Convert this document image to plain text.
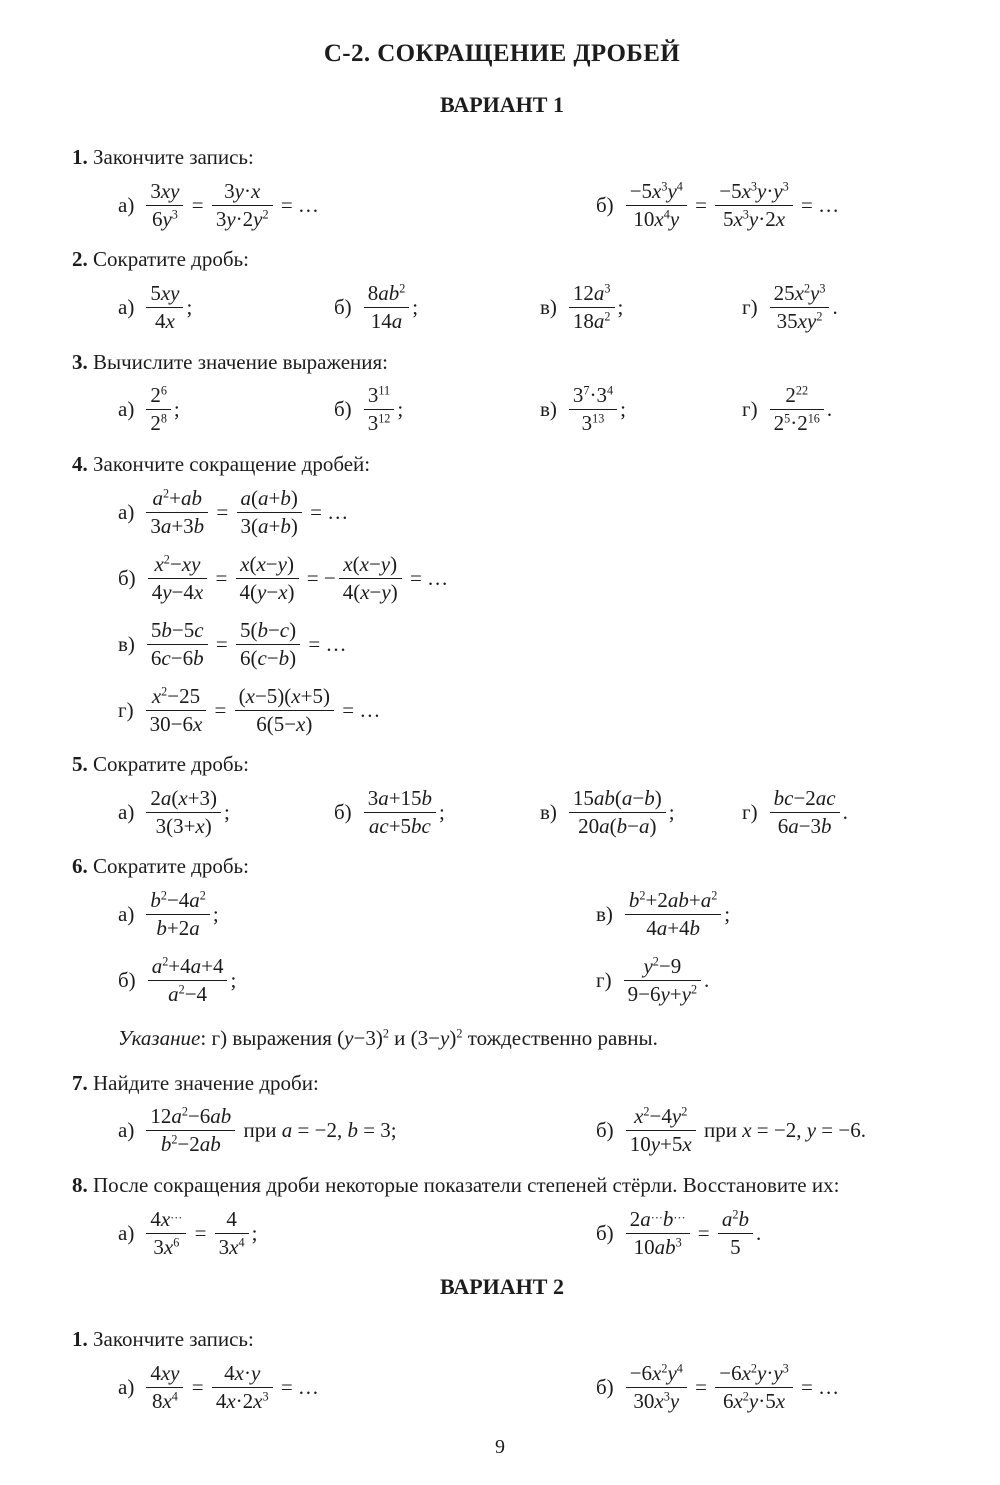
С-2. СОКРАЩЕНИЕ ДРОБЕЙ
ВАРИАНТ 1
1. Закончите запись:
$а) \frac{3xy}{6y^3} = \frac{3y\cdot x}{3y\cdot 2y^2}$ = …	$б) \frac{-5x^3y^4}{10x^4y} = \frac{-5x^3y\cdot y^3}{5x^3y\cdot 2x}$ = …
2. Сократите дробь:
$а) \frac{5xy}{4x}$ ;	$б) \frac{8ab^2}{14a}$ ;	$в) \frac{12a^3}{18a^2}$ ;	$г) \frac{25x^2y^3}{35xy^2}$ .
3. Вычислите значение выражения:
$а) \frac{2^6}{2^8}$ ;	$б) \frac{3^{11}}{3^{12}}$ ;	$в) \frac{3^7\cdot 3^4}{3^{13}}$ ;	$г) \frac{2^{22}}{2^5\cdot 2^{16}}$ .
4. Закончите сокращение дробей:
$а) \frac{a^2+ab}{3a+3b} = \frac{a(a+b)}{3(a+b)}$ = …
$б) \frac{x^2-xy}{4y-4x} = \frac{x(x-y)}{4(y-x)}$ = − $\frac{x(x-y)}{4(x-y)}$ = …
$в) \frac{5b-5c}{6c-6b} = \frac{5(b-c)}{6(c-b)}$ = …
$г) \frac{x^2-25}{30-6x} = \frac{(x-5)(x+5)}{6(5-x)}$ = …
5. Сократите дробь:
$а) \frac{2a(x+3)}{3(3+x)}$ ;	$б) \frac{3a+15b}{ac+5bc}$ ;	$в) \frac{15ab(a-b)}{20a(b-a)}$ ;	$г) \frac{bc-2ac}{6a-3b}$ .
6. Сократите дробь:
$а) \frac{b^2-4a^2}{b+2a}$ ;	$в) \frac{b^2+2ab+a^2}{4a+4b}$ ;
$б) \frac{a^2+4a+4}{a^2-4}$ ;	$г) \frac{y^2-9}{9-6y+y^2}$ .
Указание : г) выражения $(y-3)^2$ и $(3-y)^2$ тождественно равны.
7. Найдите значение дроби:
$а) \frac{12a^2-6ab}{b^2-2ab}$ при a = −2, b = 3;	$б) \frac{x^2-4y^2}{10y+5x}$ при x = −2, y = −6.
8. После сокращения дроби некоторые показатели степеней стёрли. Восстановите их:
$а) \frac{4x^\dots}{3x^6} = \frac{4}{3x^4}$ ;	$б) \frac{2a^\dots b^\dots}{10ab^3} = \frac{a^2b}{5}$ .
ВАРИАНТ 2
1. Закончите запись:
$а) \frac{4xy}{8x^4} = \frac{4x\cdot y}{4x\cdot 2x^3}$ = …	$б) \frac{-6x^2y^4}{30x^3y} = \frac{-6x^2y\cdot y^3}{6x^2y\cdot 5x}$ = …
9
